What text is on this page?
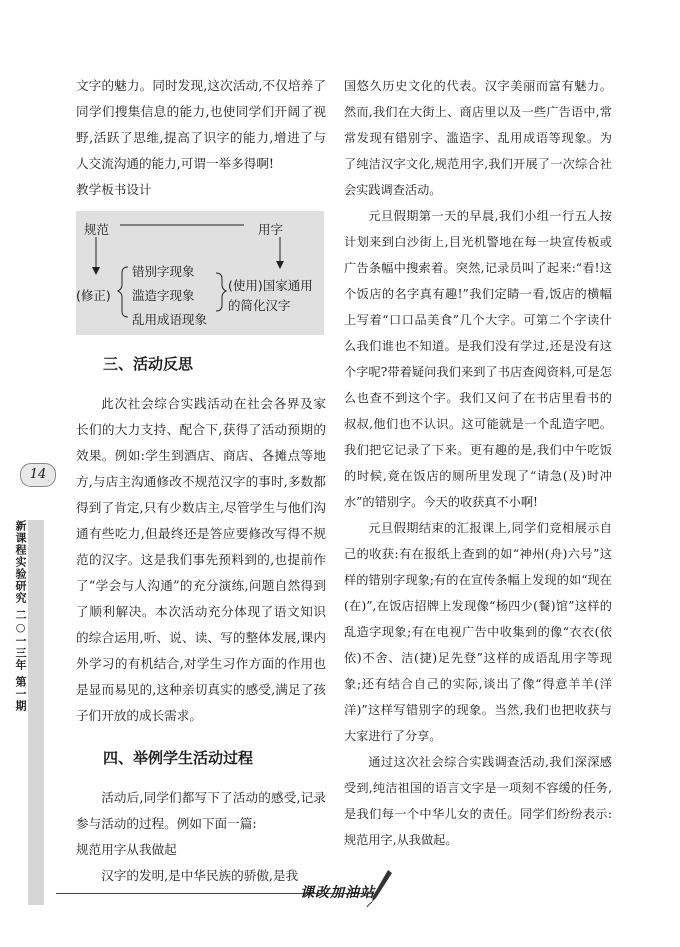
14
新课程实验研究 二○一三年 第一期

文字的魅力。同时发现,这次活动,不仅培养了同学们搜集信息的能力,也使同学们开阔了视野,活跃了思维,提高了识字的能力,增进了与人交流沟通的能力,可谓一举多得啊!

教学板书设计

规范	用字
(修正)
错别字现象
滥造字现象
乱用成语现象
(使用)国家通用
的简化汉字

三、活动反思

此次社会综合实践活动在社会各界及家长们的大力支持、配合下,获得了活动预期的效果。例如:学生到酒店、商店、各摊点等地方,与店主沟通修改不规范汉字的事时,多数都得到了肯定,只有少数店主,尽管学生与他们沟通有些吃力,但最终还是答应要修改写得不规范的汉字。这是我们事先预料到的,也提前作了“学会与人沟通”的充分演练,问题自然得到了顺利解决。本次活动充分体现了语文知识的综合运用,听、说、读、写的整体发展,课内外学习的有机结合,对学生习作方面的作用也是显而易见的,这种亲切真实的感受,满足了孩子们开放的成长需求。

四、举例学生活动过程

活动后,同学们都写下了活动的感受,记录参与活动的过程。例如下面一篇:

规范用字从我做起

汉字的发明,是中华民族的骄傲,是我

国悠久历史文化的代表。汉字美丽而富有魅力。然而,我们在大街上、商店里以及一些广告语中,常常发现有错别字、滥造字、乱用成语等现象。为了纯洁汉字文化,规范用字,我们开展了一次综合社会实践调查活动。

元旦假期第一天的早晨,我们小组一行五人按计划来到白沙街上,目光机警地在每一块宣传板或广告条幅中搜索着。突然,记录员叫了起来:“看!这个饭店的名字真有趣!”我们定睛一看,饭店的横幅上写着“口口品美食”几个大字。可第二个字读什么我们谁也不知道。是我们没有学过,还是没有这个字呢?带着疑问我们来到了书店查阅资料,可是怎么也查不到这个字。我们又问了在书店里看书的叔叔,他们也不认识。这可能就是一个乱造字吧。我们把它记录了下来。更有趣的是,我们中午吃饭的时候,竟在饭店的厕所里发现了“请急(及)时冲水”的错别字。今天的收获真不小啊!

元旦假期结束的汇报课上,同学们竞相展示自己的收获:有在报纸上查到的如“神州(舟)六号”这样的错别字现象;有的在宣传条幅上发现的如“现在(在)”,在饭店招牌上发现像“杨四少(餐)馆”这样的乱造字现象;有在电视广告中收集到的像“衣衣(依依)不舍、洁(捷)足先登”这样的成语乱用字等现象;还有结合自己的实际,谈出了像“得意羊羊(洋洋)”这样写错别字的现象。当然,我们也把收获与大家进行了分享。

通过这次社会综合实践调查活动,我们深深感受到,纯洁祖国的语言文字是一项刻不容缓的任务,是我们每一个中华儿女的责任。同学们纷纷表示:规范用字,从我做起。

课改加油站
